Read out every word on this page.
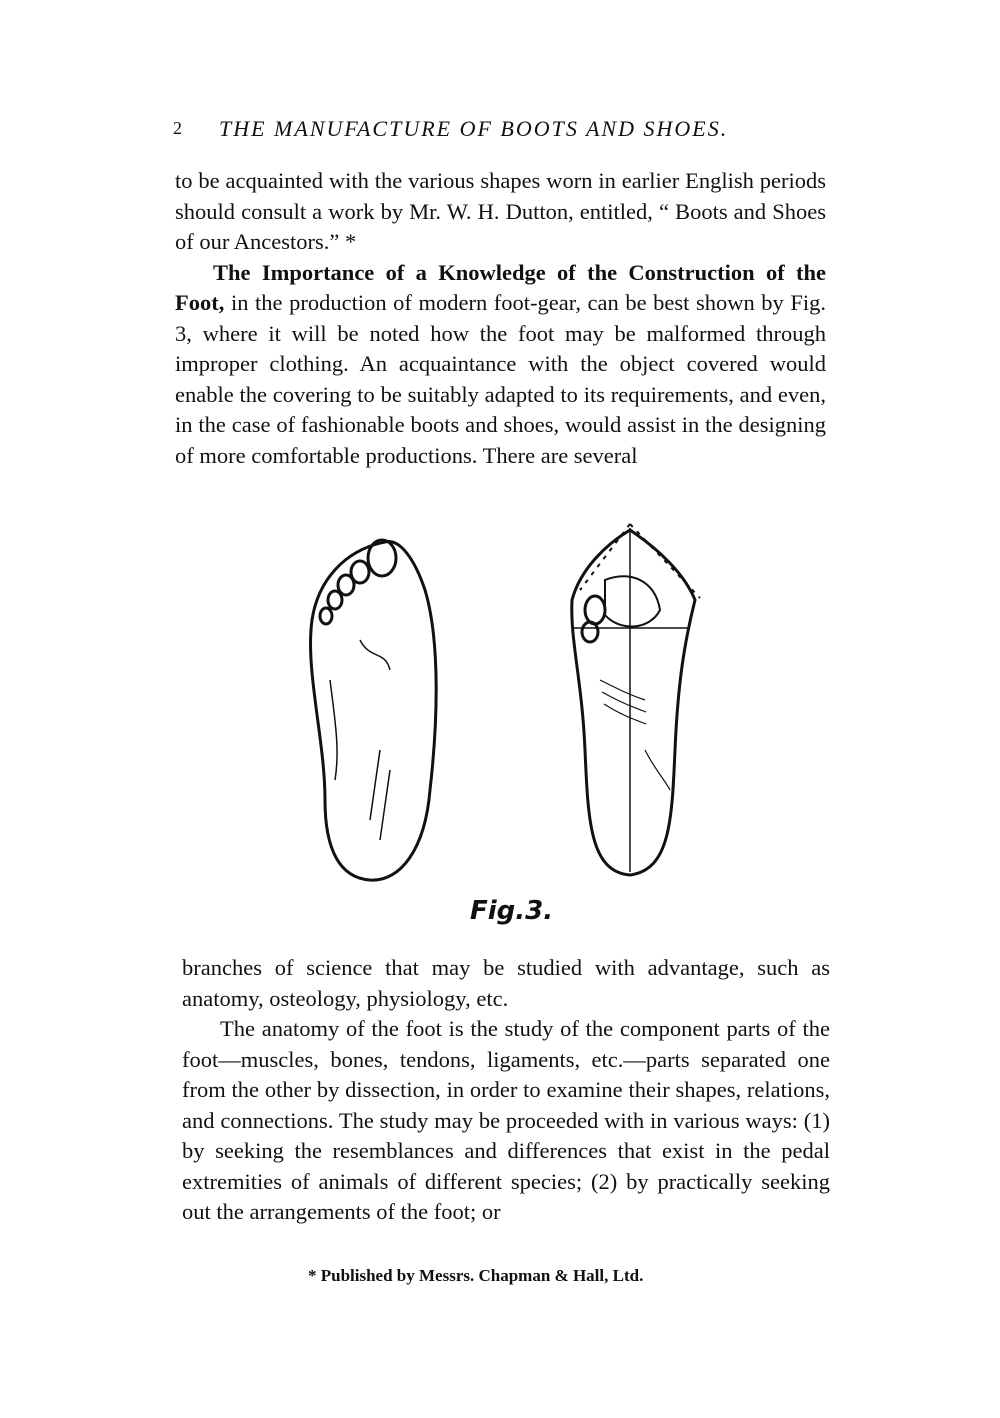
2 THE MANUFACTURE OF BOOTS AND SHOES.

to be acquainted with the various shapes worn in earlier English periods should consult a work by Mr. W. H. Dutton, entitled, “ Boots and Shoes of our Ancestors.” *

The Importance of a Knowledge of the Construction of the Foot, in the production of modern foot-gear, can be best shown by Fig. 3, where it will be noted how the foot may be malformed through improper clothing. An acquaintance with the object covered would enable the covering to be suitably adapted to its requirements, and even, in the case of fashionable boots and shoes, would assist in the designing of more comfortable productions. There are several

Fig.3.

branches of science that may be studied with advantage, such as anatomy, osteology, physiology, etc.

The anatomy of the foot is the study of the component parts of the foot—muscles, bones, tendons, ligaments, etc.—parts separated one from the other by dissection, in order to examine their shapes, relations, and connections. The study may be proceeded with in various ways: (1) by seeking the resemblances and differences that exist in the pedal extremities of animals of different species; (2) by practically seeking out the arrangements of the foot; or

* Published by Messrs. Chapman & Hall, Ltd.
